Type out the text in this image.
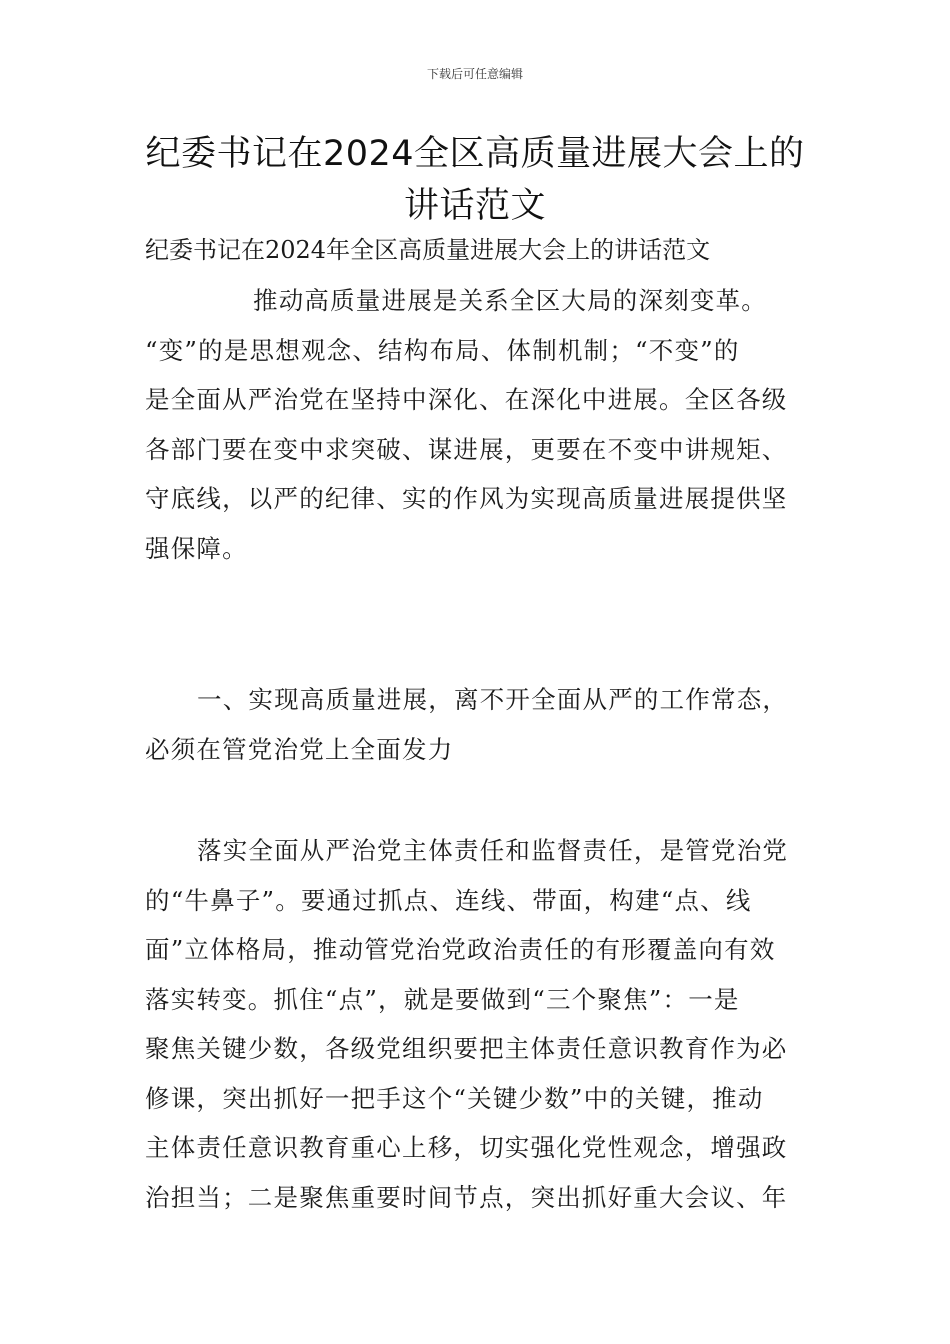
下载后可任意编辑
纪委书记在2024全区高质量进展大会上的
讲话范文

纪委书记在2024年全区高质量进展大会上的讲话范文

推动高质量进展是关系全区大局的深刻变革。
“变”的是思想观念、结构布局、体制机制；“不变”的
是全面从严治党在坚持中深化、在深化中进展。全区各级
各部门要在变中求突破、谋进展，更要在不变中讲规矩、
守底线，以严的纪律、实的作风为实现高质量进展提供坚
强保障。
一、实现高质量进展，离不开全面从严的工作常态，
必须在管党治党上全面发力
落实全面从严治党主体责任和监督责任，是管党治党
的“牛鼻子”。要通过抓点、连线、带面，构建“点、线
面”立体格局，推动管党治党政治责任的有形覆盖向有效
落实转变。抓住“点”，就是要做到“三个聚焦”：一是
聚焦关键少数，各级党组织要把主体责任意识教育作为必
修课，突出抓好一把手这个“关键少数”中的关键，推动
主体责任意识教育重心上移，切实强化党性观念，增强政
治担当；二是聚焦重要时间节点，突出抓好重大会议、年
